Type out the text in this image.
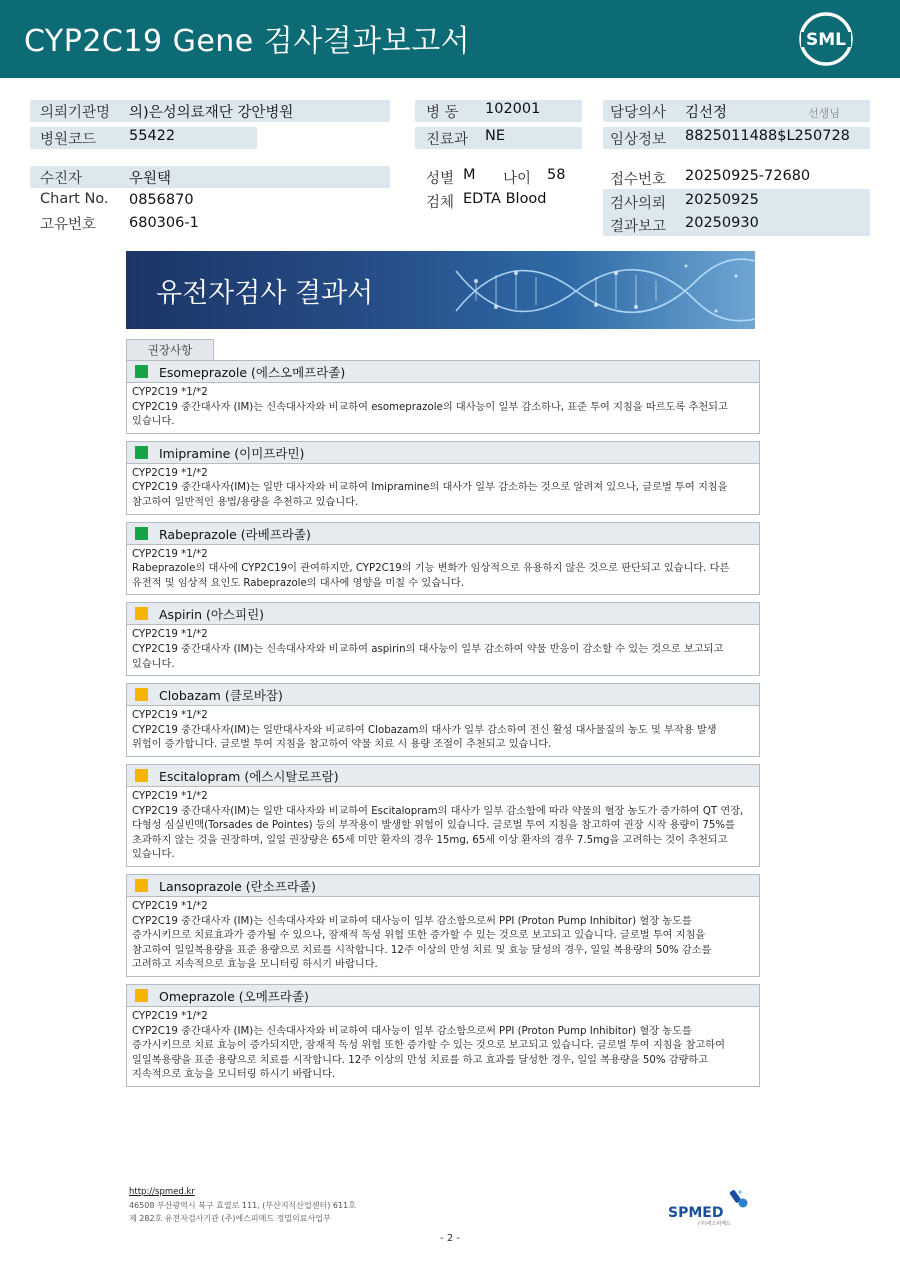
CYP2C19 Gene 검사결과보고서	SML
의뢰기관명 의)은성의료재단 강안병원
병원코드 55422
수진자	우원택
Chart No. 0856870
고유번호 680306-1
병 동 102001
진료과 NE
성별 M 나이 58
검체 EDTA Blood
담당의사 김선정	선생님
임상정보 8825011488$L250728
접수번호 20250925-72680
검사의뢰 20250925
결과보고 20250930
유전자검사 결과서
권장사항
Esomeprazole (에스오메프라졸)
CYP2C19 *1/*2
CYP2C19 중간대사자 (IM)는 신속대사자와 비교하여 esomeprazole의 대사능이 일부 감소하나, 표준 투여 지침을 따르도록 추천되고
있습니다.
Imipramine (이미프라민)
CYP2C19 *1/*2
CYP2C19 중간대사자(IM)는 일반 대사자와 비교하여 Imipramine의 대사가 일부 감소하는 것으로 알려져 있으나, 글로벌 투여 지침을
참고하여 일반적인 용법/용량을 추천하고 있습니다.
Rabeprazole (라베프라졸)
CYP2C19 *1/*2
Rabeprazole의 대사에 CYP2C19이 관여하지만, CYP2C19의 기능 변화가 임상적으로 유용하지 않은 것으로 판단되고 있습니다. 다른
유전적 및 임상적 요인도 Rabeprazole의 대사에 영향을 미칠 수 있습니다.
Aspirin (아스피린)
CYP2C19 *1/*2
CYP2C19 중간대사자 (IM)는 신속대사자와 비교하여 aspirin의 대사능이 일부 감소하여 약물 반응이 감소할 수 있는 것으로 보고되고
있습니다.
Clobazam (클로바잠)
CYP2C19 *1/*2
CYP2C19 중간대사자(IM)는 일반대사자와 비교하여 Clobazam의 대사가 일부 감소하여 전신 활성 대사물질의 농도 및 부작용 발생
위험이 증가합니다. 글로벌 투여 지침을 참고하여 약물 치료 시 용량 조절이 추천되고 있습니다.
Escitalopram (에스시탈로프람)
CYP2C19 *1/*2
CYP2C19 중간대사자(IM)는 일반 대사자와 비교하여 Escitalopram의 대사가 일부 감소함에 따라 약물의 혈장 농도가 증가하여 QT 연장,
다형성 심실빈맥(Torsades de Pointes) 등의 부작용이 발생할 위험이 있습니다. 글로벌 투여 지침을 참고하여 권장 시작 용량이 75%를
초과하지 않는 것을 권장하며, 일일 권장량은 65세 미만 환자의 경우 15mg, 65세 이상 환자의 경우 7.5mg을 고려하는 것이 추천되고
있습니다.
Lansoprazole (란소프라졸)
CYP2C19 *1/*2
CYP2C19 중간대사자 (IM)는 신속대사자와 비교하여 대사능이 일부 감소함으로써 PPI (Proton Pump Inhibitor) 혈장 농도를
증가시키므로 치료효과가 증가될 수 있으나, 잠재적 독성 위험 또한 증가할 수 있는 것으로 보고되고 있습니다. 글로벌 투여 지침을
참고하여 일일복용량을 표준 용량으로 치료를 시작합니다. 12주 이상의 만성 치료 및 효능 달성의 경우, 일일 복용량의 50% 감소를
고려하고 지속적으로 효능을 모니터링 하시기 바랍니다.
Omeprazole (오메프라졸)
CYP2C19 *1/*2
CYP2C19 중간대사자 (IM)는 신속대사자와 비교하여 대사능이 일부 감소함으로써 PPI (Proton Pump Inhibitor) 혈장 농도를
증가시키므로 치료 효능이 증가되지만, 잠재적 독성 위험 또한 증가할 수 있는 것으로 보고되고 있습니다. 글로벌 투여 지침을 참고하여
일일복용량을 표준 용량으로 치료를 시작합니다. 12주 이상의 만성 치료를 하고 효과를 달성한 경우, 일일 복용량을 50% 감량하고
지속적으로 효능을 모니터링 하시기 바랍니다.
http://spmed.kr
46508 부산광역시 북구 효열로 111, (부산지식산업센터) 611호
제 282호 유전자검사기관 (주)에스피메드 정밀의료사업부	SPMED
(주)에스피메드
- 2 -
